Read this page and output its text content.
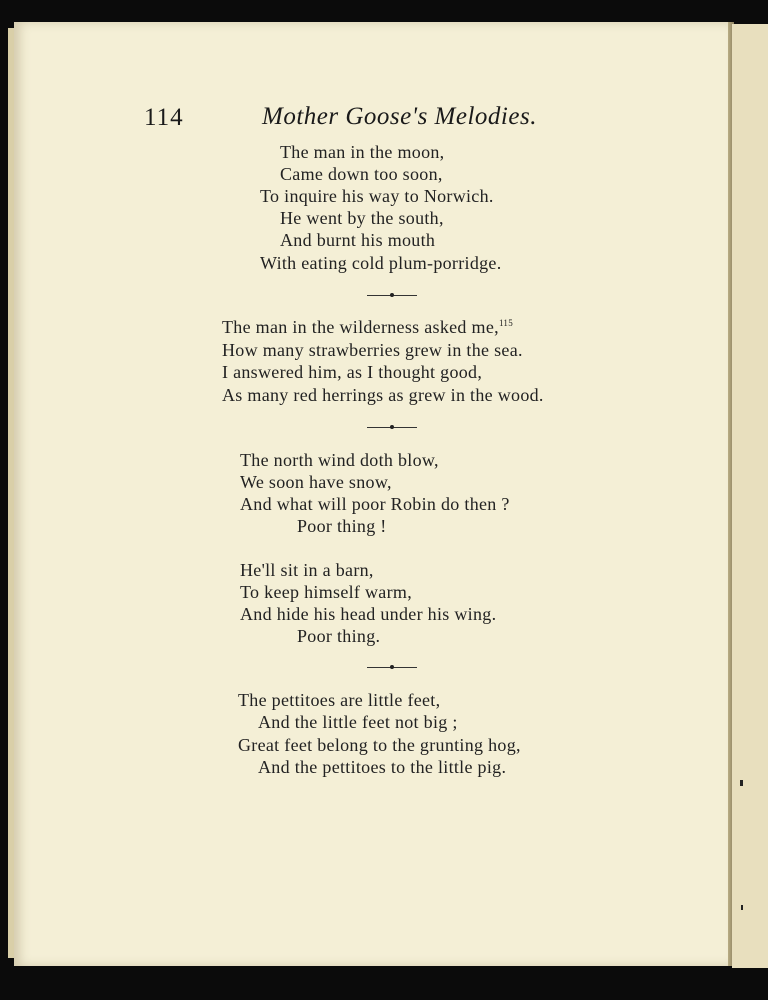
114	Mother Goose's Melodies.
The man in the moon,
Came down too soon,
To inquire his way to Norwich.
He went by the south,
And burnt his mouth
With eating cold plum-porridge.
The man in the wilderness asked me,$^{115}$
How many strawberries grew in the sea.
I answered him, as I thought good,
As many red herrings as grew in the wood.
The north wind doth blow,
We soon have snow,
And what will poor Robin do then ?
Poor thing !
He'll sit in a barn,
To keep himself warm,
And hide his head under his wing.
Poor thing.
The pettitoes are little feet,
And the little feet not big ;
Great feet belong to the grunting hog,
And the pettitoes to the little pig.
